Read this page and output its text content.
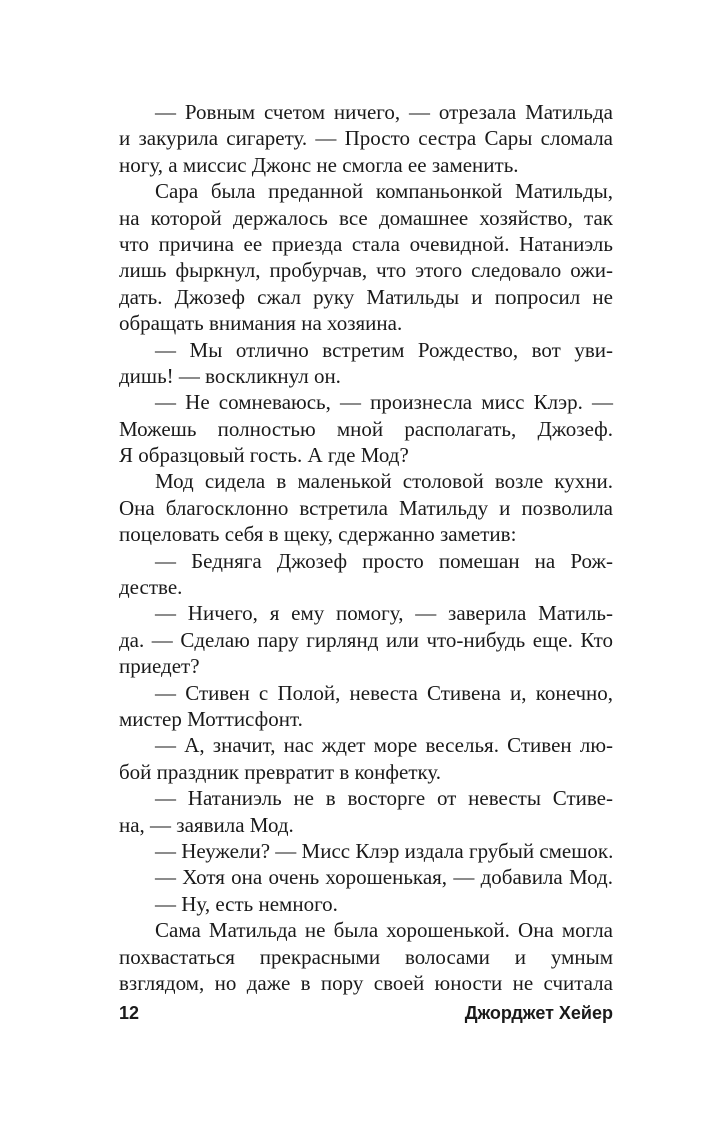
— Ровным счетом ничего, — отрезала Матильда
и закурила сигарету. — Просто сестра Сары сломала
ногу, а миссис Джонс не смогла ее заменить.
Сара была преданной компаньонкой Матильды,
на которой держалось все домашнее хозяйство, так
что причина ее приезда стала очевидной. Натаниэль
лишь фыркнул, пробурчав, что этого следовало ожи-
дать. Джозеф сжал руку Матильды и попросил не
обращать внимания на хозяина.
— Мы отлично встретим Рождество, вот уви-
дишь! — воскликнул он.
— Не сомневаюсь, — произнесла мисс Клэр. —
Можешь полностью мной располагать, Джозеф.
Я образцовый гость. А где Мод?
Мод сидела в маленькой столовой возле кухни.
Она благосклонно встретила Матильду и позволила
поцеловать себя в щеку, сдержанно заметив:
— Бедняга Джозеф просто помешан на Рож-
дестве.
— Ничего, я ему помогу, — заверила Матиль-
да. — Сделаю пару гирлянд или что-нибудь еще. Кто
приедет?
— Стивен с Полой, невеста Стивена и, конечно,
мистер Моттисфонт.
— А, значит, нас ждет море веселья. Стивен лю-
бой праздник превратит в конфетку.
— Натаниэль не в восторге от невесты Стиве-
на, — заявила Мод.
— Неужели? — Мисс Клэр издала грубый смешок.
— Хотя она очень хорошенькая, — добавила Мод.
— Ну, есть немного.
Сама Матильда не была хорошенькой. Она могла
похвастаться прекрасными волосами и умным
взглядом, но даже в пору своей юности не считала
12	Джорджет Хейер
